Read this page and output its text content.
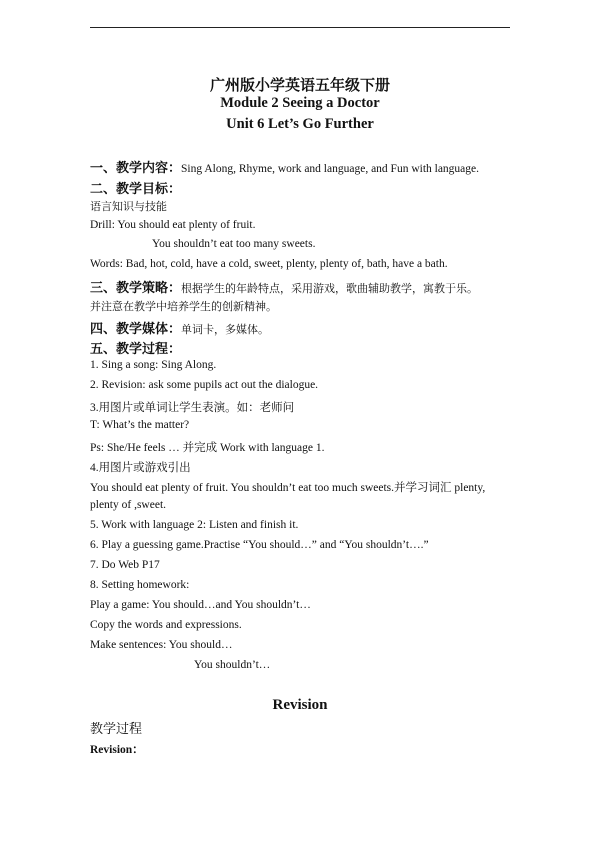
广州版小学英语五年级下册
Module 2 Seeing a Doctor
Unit 6 Let’s Go Further
一、教学内容：Sing Along, Rhyme, work and language, and Fun with language.
二、教学目标：
语言知识与技能
Drill: You should eat plenty of fruit.
You shouldn’t eat too many sweets.
Words: Bad, hot, cold, have a cold, sweet, plenty, plenty of, bath, have a bath.
三、教学策略：根据学生的年龄特点，采用游戏，歌曲辅助教学，寓教于乐。
并注意在教学中培养学生的创新精神。
四、教学媒体：单词卡，多媒体。
五、教学过程：
1. Sing a song: Sing Along.
2. Revision: ask some pupils act out the dialogue.
3.用图片或单词让学生表演。如：老师问
T: What’s the matter?
Ps: She/He feels … 并完成 Work with language 1.
4.用图片或游戏引出
You should eat plenty of fruit. You shouldn’t eat too much sweets.并学习词汇 plenty,
plenty of ,sweet.
5. Work with language 2: Listen and finish it.
6. Play a guessing game.Practise “You should…” and “You shouldn’t….”
7. Do Web P17
8. Setting homework:
Play a game: You should…and You shouldn’t…
Copy the words and expressions.
Make sentences: You should…
You shouldn’t…
Revision
教学过程
Revision：
